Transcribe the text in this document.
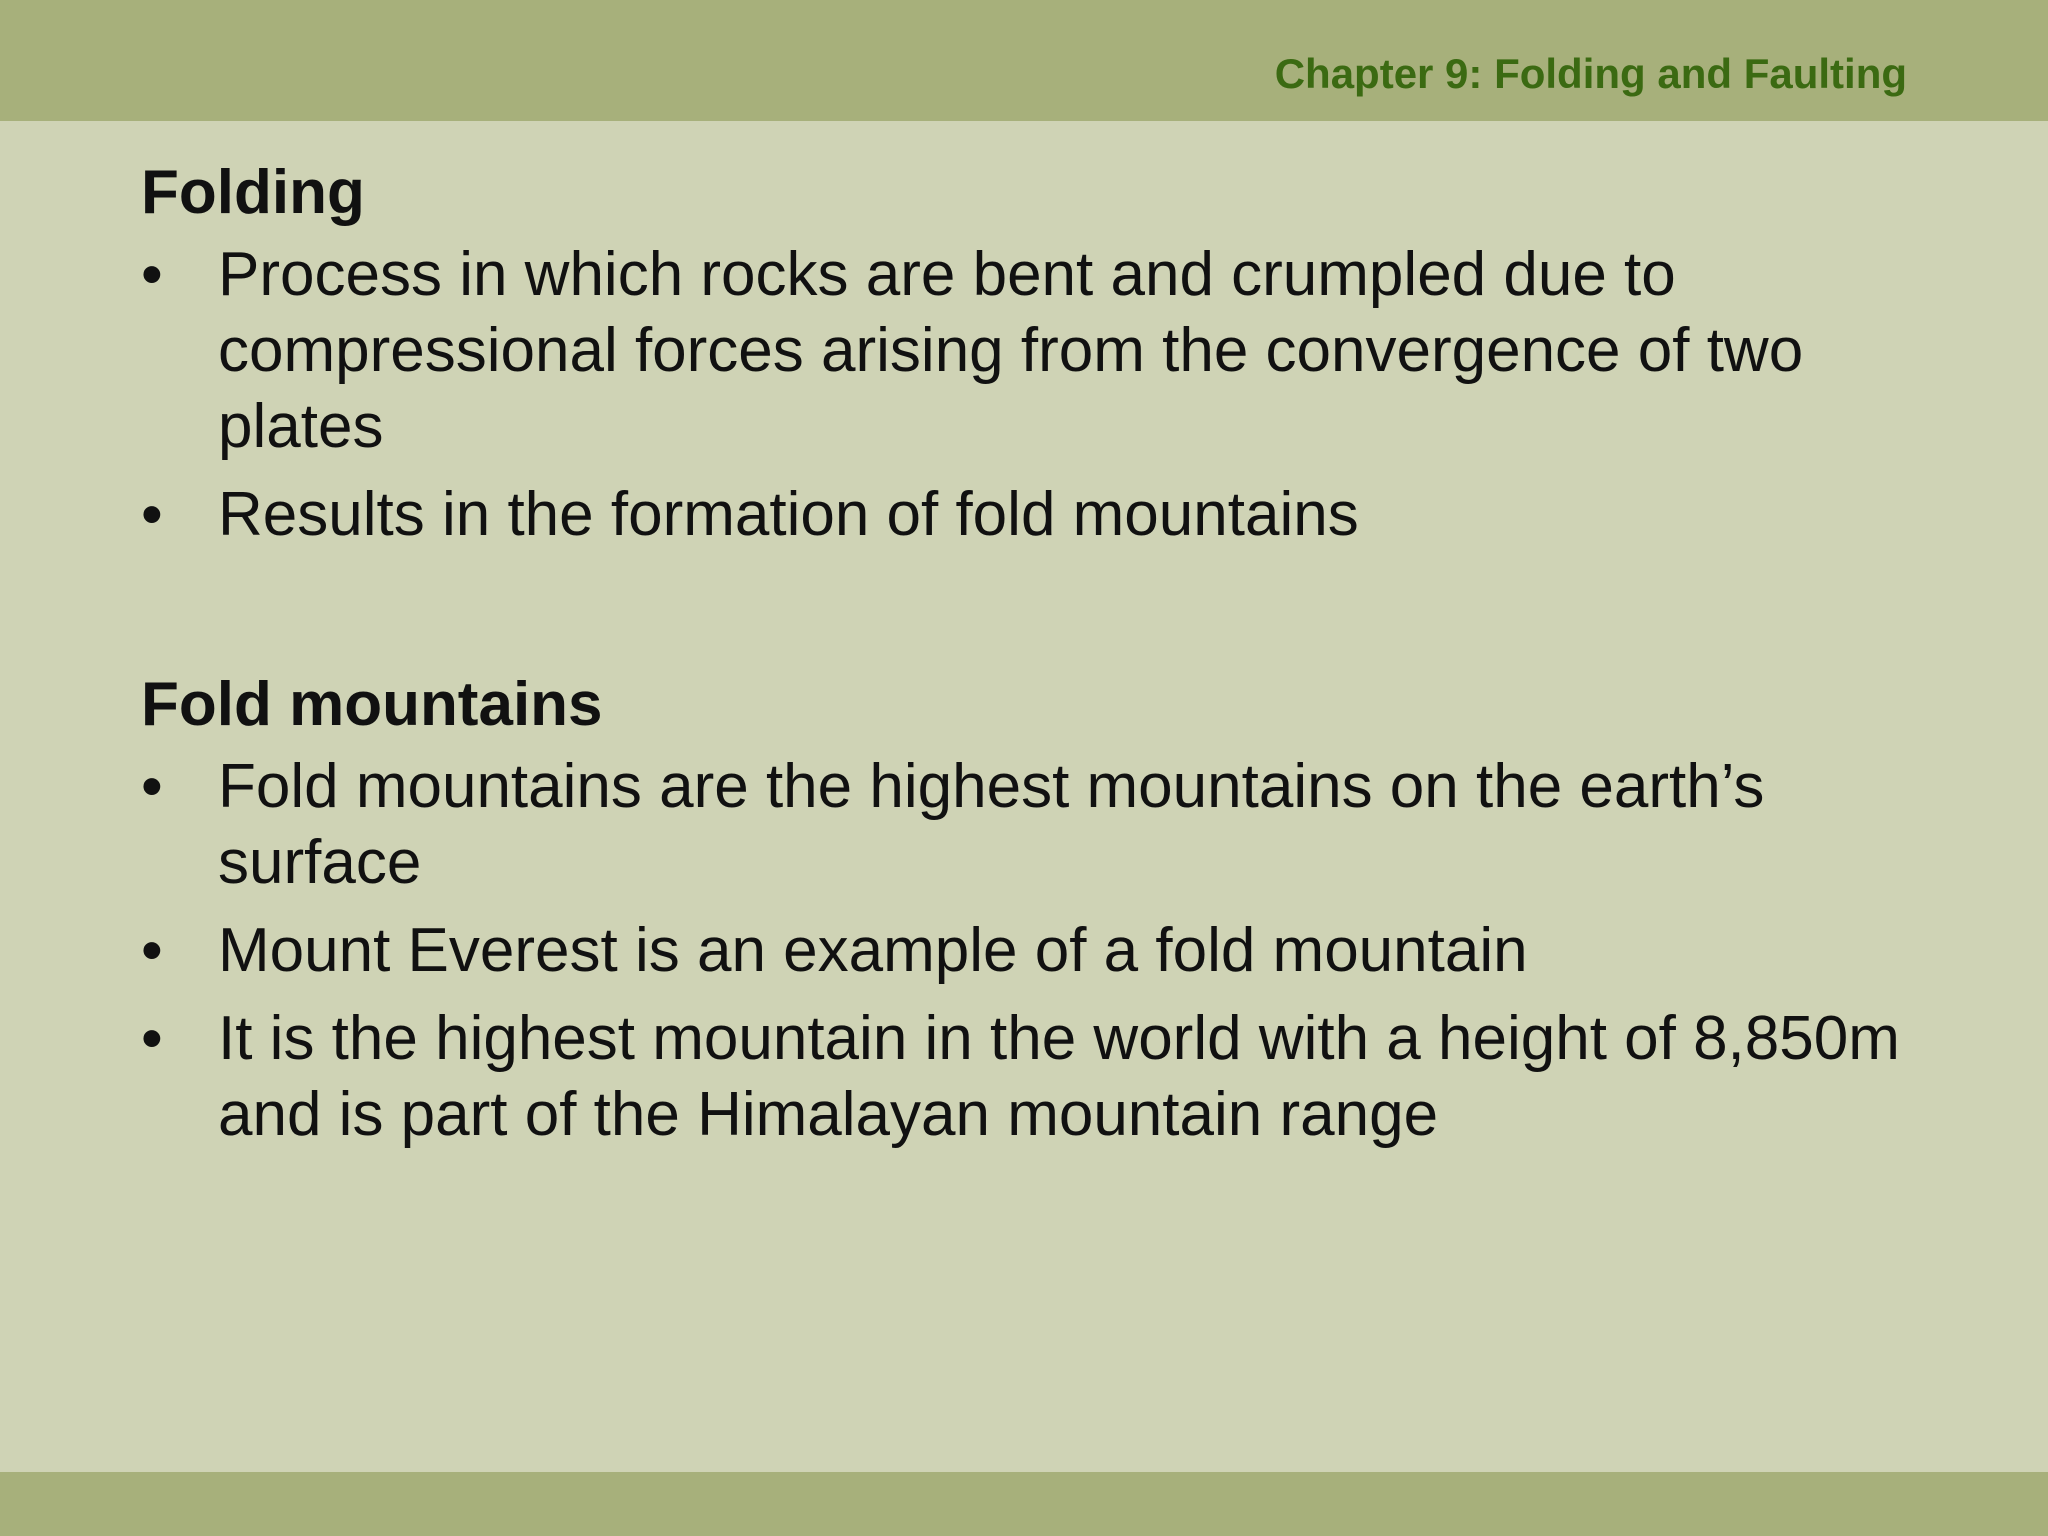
Chapter 9: Folding and Faulting
Folding
• Process in which rocks are bent and crumpled due to compressional forces arising from the convergence of two plates
• Results in the formation of fold mountains
Fold mountains
• Fold mountains are the highest mountains on the earth’s surface
• Mount Everest is an example of a fold mountain
• It is the highest mountain in the world with a height of 8,850m and is part of the Himalayan mountain range
